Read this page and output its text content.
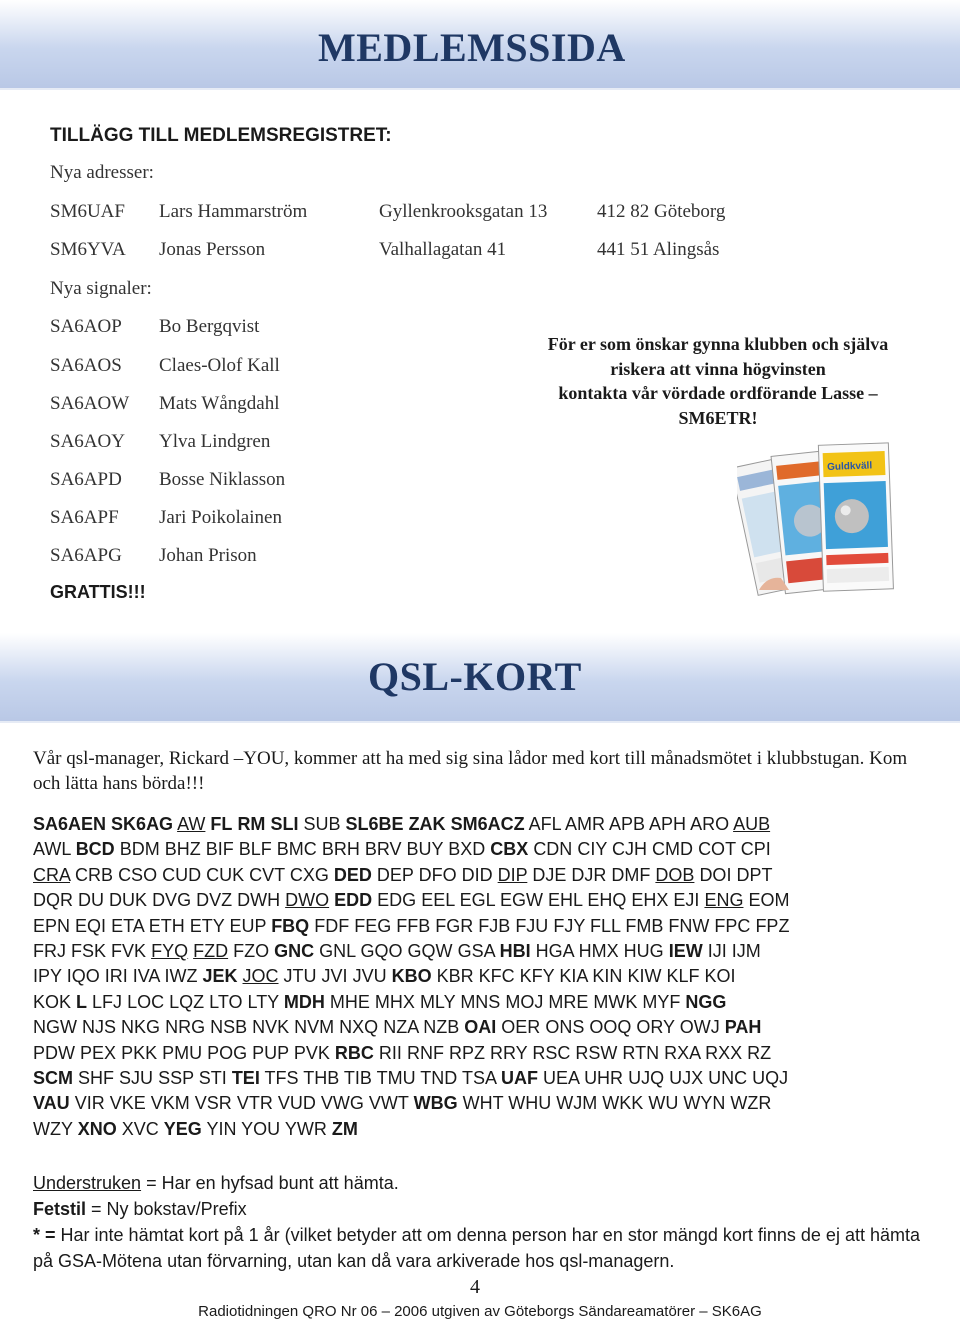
MEDLEMSSIDA
TILLÄGG TILL MEDLEMSREGISTRET:
Nya adresser:
SM6UAF Lars Hammarström	Gyllenkrooksgatan 13	412 82 Göteborg
SM6YVA Jonas Persson	Valhallagatan 41	441 51 Alingsås
Nya signaler:
SA6AOP Bo Bergqvist
SA6AOS Claes-Olof Kall
SA6AOW Mats Wångdahl
SA6AOY Ylva Lindgren
SA6APD Bosse Niklasson
SA6APF Jari Poikolainen
SA6APG Johan Prison
GRATTIS!!!
För er som önskar gynna klubben och själva
riskera att vinna högvinsten
kontakta vår vördade ordförande Lasse –
SM6ETR!
Guldkväll
QSL-KORT
Vår qsl-manager, Rickard –YOU, kommer att ha med sig sina lådor med kort till månadsmötet i klubbstugan. Kom och lätta hans börda!!!
SA6AEN SK6AG AW FL RM SLI SUB SL6BE ZAK SM6ACZ AFL AMR APB APH ARO AUB
AWL BCD BDM BHZ BIF BLF BMC BRH BRV BUY BXD CBX CDN CIY CJH CMD COT CPI
CRA CRB CSO CUD CUK CVT CXG DED DEP DFO DID DIP DJE DJR DMF DOB DOI DPT
DQR DU DUK DVG DVZ DWH DWO EDD EDG EEL EGL EGW EHL EHQ EHX EJI ENG EOM
EPN EQI ETA ETH ETY EUP FBQ FDF FEG FFB FGR FJB FJU FJY FLL FMB FNW FPC FPZ
FRJ FSK FVK FYQ FZD FZO GNC GNL GQO GQW GSA HBI HGA HMX HUG IEW IJI IJM
IPY IQO IRI IVA IWZ JEK JOC JTU JVI JVU KBO KBR KFC KFY KIA KIN KIW KLF KOI
KOK L LFJ LOC LQZ LTO LTY MDH MHE MHX MLY MNS MOJ MRE MWK MYF NGG
NGW NJS NKG NRG NSB NVK NVM NXQ NZA NZB OAI OER ONS OOQ ORY OWJ PAH
PDW PEX PKK PMU POG PUP PVK RBC RII RNF RPZ RRY RSC RSW RTN RXA RXX RZ
SCM SHF SJU SSP STI TEI TFS THB TIB TMU TND TSA UAF UEA UHR UJQ UJX UNC UQJ
VAU VIR VKE VKM VSR VTR VUD VWG VWT WBG WHT WHU WJM WKK WU WYN WZR
WZY XNO XVC YEG YIN YOU YWR ZM
Understruken = Har en hyfsad bunt att hämta.
Fetstil = Ny bokstav/Prefix
* = Har inte hämtat kort på 1 år (vilket betyder att om denna person har en stor mängd kort finns de ej att hämta på GSA-Mötena utan förvarning, utan kan då vara arkiverade hos qsl-managern.
4
Radiotidningen QRO Nr 06 – 2006 utgiven av Göteborgs Sändareamatörer – SK6AG
